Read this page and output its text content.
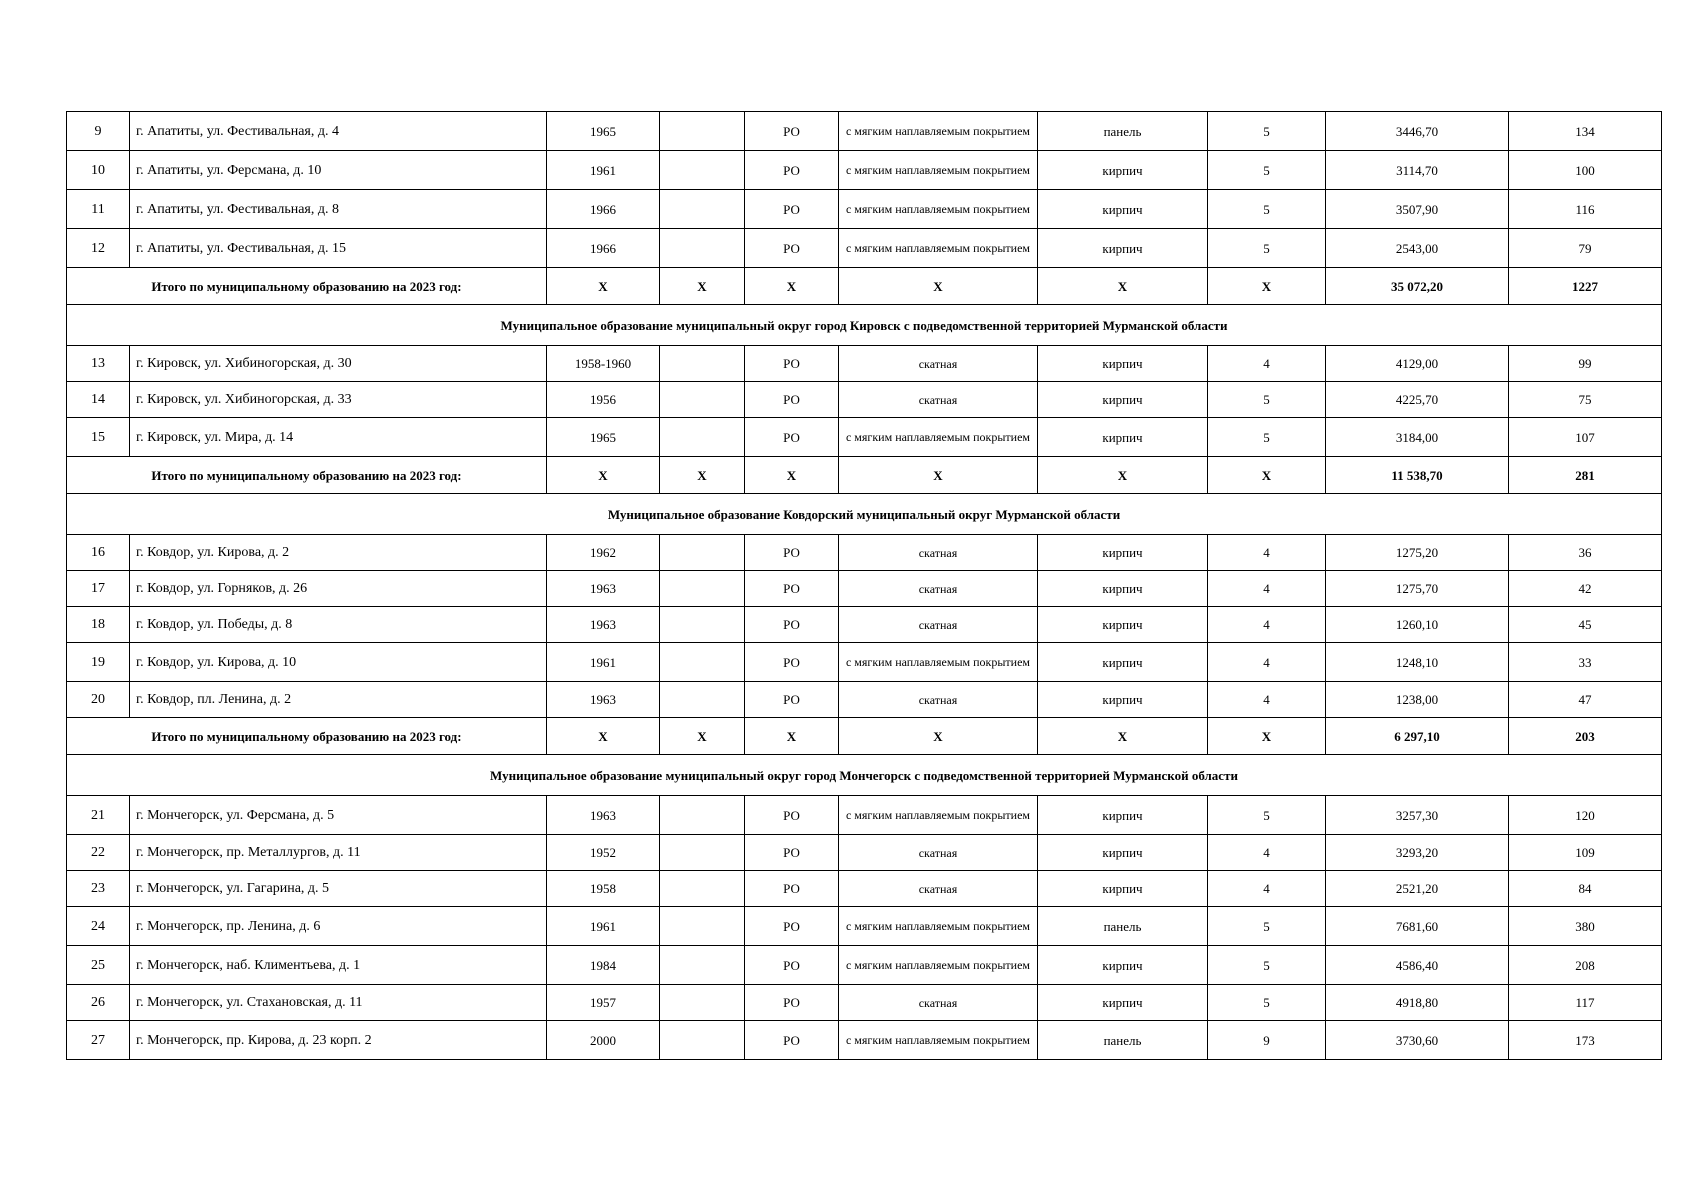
9	г. Апатиты, ул. Фестивальная, д. 4	1965		РО	с мягким наплавляемым покрытием	панель	5	3446,70	134
10	г. Апатиты, ул. Ферсмана, д. 10	1961		РО	с мягким наплавляемым покрытием	кирпич	5	3114,70	100
11	г. Апатиты, ул. Фестивальная, д. 8	1966		РО	с мягким наплавляемым покрытием	кирпич	5	3507,90	116
12	г. Апатиты, ул. Фестивальная, д. 15	1966		РО	с мягким наплавляемым покрытием	кирпич	5	2543,00	79
Итого по муниципальному образованию на 2023 год:		Х	Х	Х	Х	Х	Х	35 072,20	1227
Муниципальное образование муниципальный округ город Кировск с подведомственной территорией Мурманской области									
13	г. Кировск, ул. Хибиногорская, д. 30	1958-1960		РО	скатная	кирпич	4	4129,00	99
14	г. Кировск, ул. Хибиногорская, д. 33	1956		РО	скатная	кирпич	5	4225,70	75
15	г. Кировск, ул. Мира, д. 14	1965		РО	с мягким наплавляемым покрытием	кирпич	5	3184,00	107
Итого по муниципальному образованию на 2023 год:		Х	Х	Х	Х	Х	Х	11 538,70	281
Муниципальное образование Ковдорский муниципальный округ Мурманской области									
16	г. Ковдор, ул. Кирова, д. 2	1962		РО	скатная	кирпич	4	1275,20	36
17	г. Ковдор, ул. Горняков, д. 26	1963		РО	скатная	кирпич	4	1275,70	42
18	г. Ковдор, ул. Победы, д. 8	1963		РО	скатная	кирпич	4	1260,10	45
19	г. Ковдор, ул. Кирова, д. 10	1961		РО	с мягким наплавляемым покрытием	кирпич	4	1248,10	33
20	г. Ковдор, пл. Ленина, д. 2	1963		РО	скатная	кирпич	4	1238,00	47
Итого по муниципальному образованию на 2023 год:		Х	Х	Х	Х	Х	Х	6 297,10	203
Муниципальное образование муниципальный округ город Мончегорск с подведомственной территорией Мурманской области									
21	г. Мончегорск, ул. Ферсмана, д. 5	1963		РО	с мягким наплавляемым покрытием	кирпич	5	3257,30	120
22	г. Мончегорск, пр. Металлургов, д. 11	1952		РО	скатная	кирпич	4	3293,20	109
23	г. Мончегорск, ул. Гагарина, д. 5	1958		РО	скатная	кирпич	4	2521,20	84
24	г. Мончегорск, пр. Ленина, д. 6	1961		РО	с мягким наплавляемым покрытием	панель	5	7681,60	380
25	г. Мончегорск, наб. Климентьева, д. 1	1984		РО	с мягким наплавляемым покрытием	кирпич	5	4586,40	208
26	г. Мончегорск, ул. Стахановская, д. 11	1957		РО	скатная	кирпич	5	4918,80	117
27	г. Мончегорск, пр. Кирова, д. 23 корп. 2	2000		РО	с мягким наплавляемым покрытием	панель	9	3730,60	173
